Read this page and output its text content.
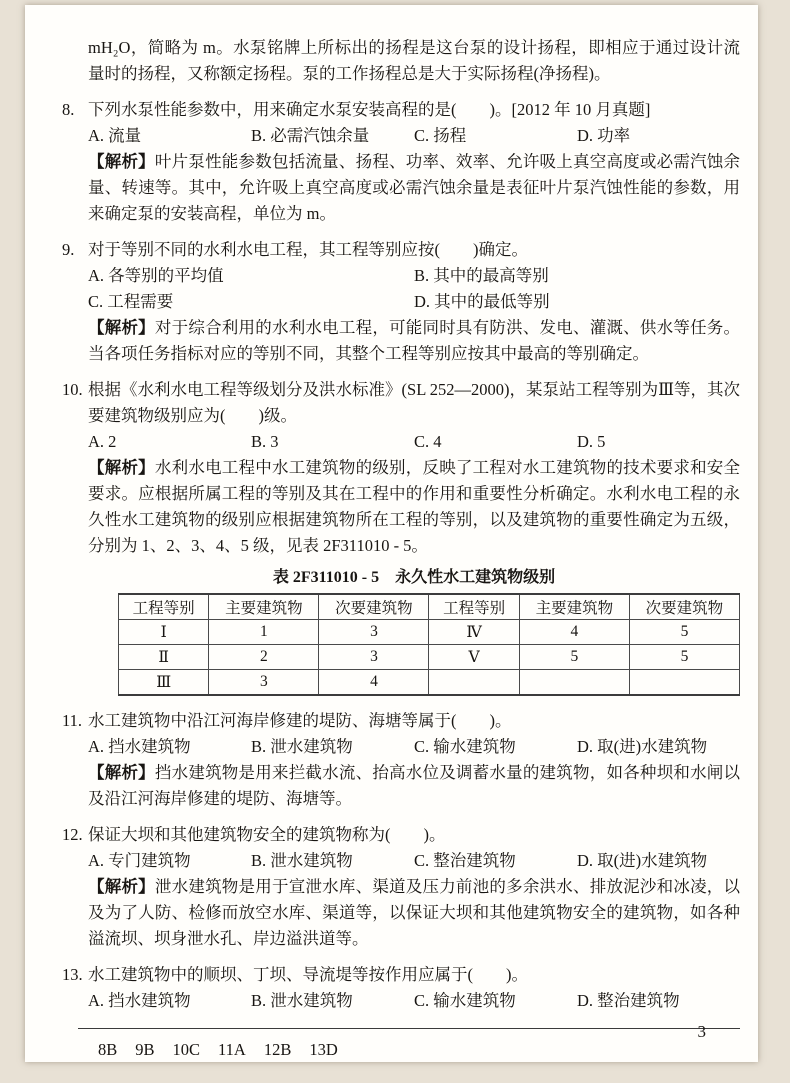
mH₂O，简略为 m。水泵铭牌上所标出的扬程是这台泵的设计扬程，即相应于通过设计流量时的扬程，又称额定扬程。泵的工作扬程总是大于实际扬程(净扬程)。

8. 下列水泵性能参数中，用来确定水泵安装高程的是(　　)。[2012 年 10 月真题]

A. 流量	B. 必需汽蚀余量	C. 扬程	D. 功率

【解析】叶片泵性能参数包括流量、扬程、功率、效率、允许吸上真空高度或必需汽蚀余量、转速等。其中，允许吸上真空高度或必需汽蚀余量是表征叶片泵汽蚀性能的参数，用来确定泵的安装高程，单位为 m。

9. 对于等别不同的水利水电工程，其工程等别应按(　　)确定。

A. 各等别的平均值	B. 其中的最高等别
C. 工程需要	D. 其中的最低等别

【解析】对于综合利用的水利水电工程，可能同时具有防洪、发电、灌溉、供水等任务。当各项任务指标对应的等别不同，其整个工程等别应按其中最高的等别确定。

10. 根据《水利水电工程等级划分及洪水标准》(SL 252—2000)，某泵站工程等别为Ⅲ等，其次要建筑物级别应为(　　)级。

A. 2	B. 3	C. 4	D. 5

【解析】水利水电工程中水工建筑物的级别，反映了工程对水工建筑物的技术要求和安全要求。应根据所属工程的等别及其在工程中的作用和重要性分析确定。水利水电工程的永久性水工建筑物的级别应根据建筑物所在工程的等别，以及建筑物的重要性确定为五级，分别为 1、2、3、4、5 级，见表 2F311010 - 5。

表 2F311010 - 5　永久性水工建筑物级别
工程等别	主要建筑物	次要建筑物	工程等别	主要建筑物	次要建筑物
Ⅰ	1	3	Ⅳ	4	5
Ⅱ	2	3	Ⅴ	5	5
Ⅲ	3	4			
11. 水工建筑物中沿江河海岸修建的堤防、海塘等属于(　　)。

A. 挡水建筑物	B. 泄水建筑物	C. 输水建筑物	D. 取(进)水建筑物

【解析】挡水建筑物是用来拦截水流、抬高水位及调蓄水量的建筑物，如各种坝和水闸以及沿江河海岸修建的堤防、海塘等。

12. 保证大坝和其他建筑物安全的建筑物称为(　　)。

A. 专门建筑物	B. 泄水建筑物	C. 整治建筑物	D. 取(进)水建筑物

【解析】泄水建筑物是用于宣泄水库、渠道及压力前池的多余洪水、排放泥沙和冰凌，以及为了人防、检修而放空水库、渠道等，以保证大坝和其他建筑物安全的建筑物，如各种溢流坝、坝身泄水孔、岸边溢洪道等。

13. 水工建筑物中的顺坝、丁坝、导流堤等按作用应属于(　　)。

A. 挡水建筑物	B. 泄水建筑物	C. 输水建筑物	D. 整治建筑物
8B 9B 10C 11A 12B 13D
3
